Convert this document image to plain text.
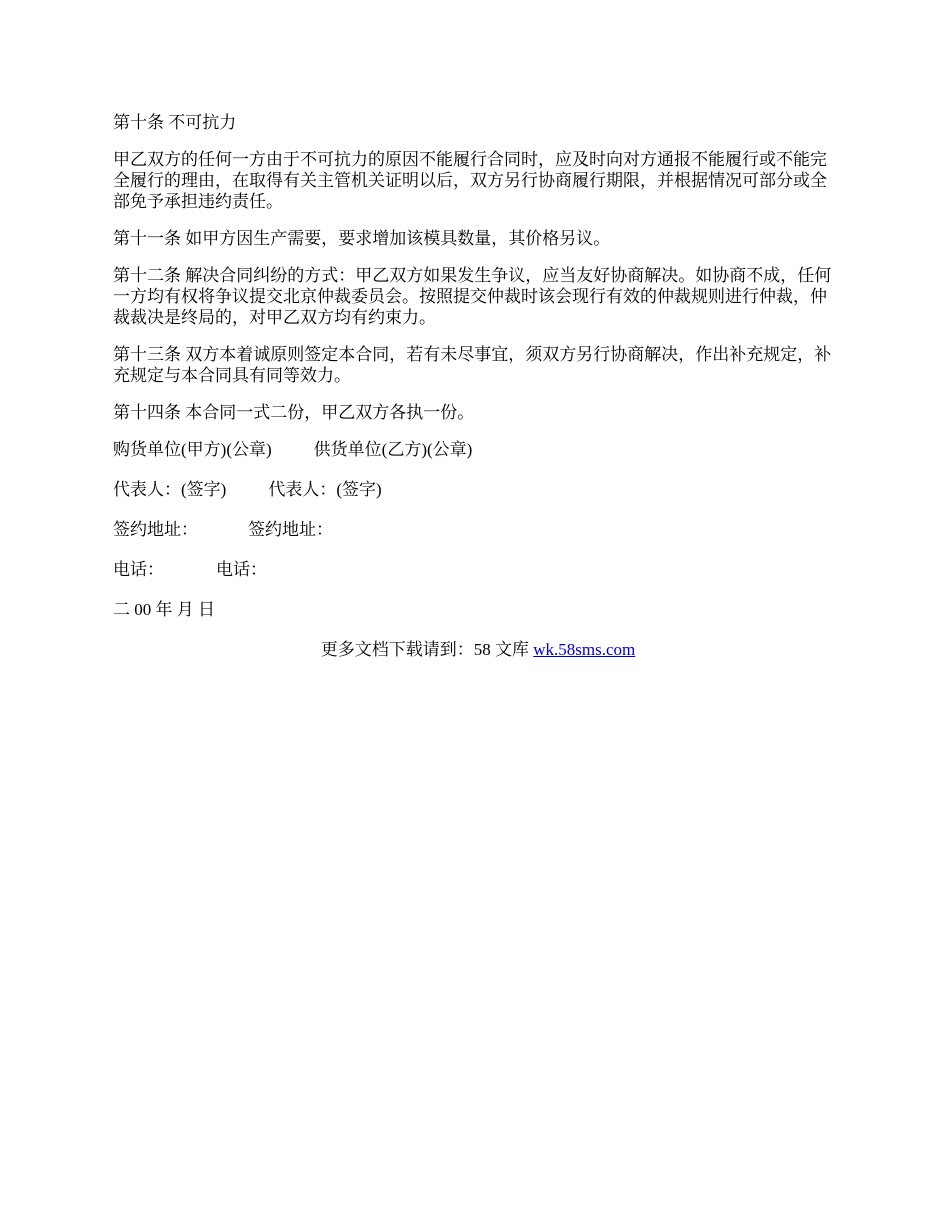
第十条 不可抗力

甲乙双方的任何一方由于不可抗力的原因不能履行合同时，应及时向对方通报不能履行或不能完全履行的理由，在取得有关主管机关证明以后，双方另行协商履行期限，并根据情况可部分或全部免予承担违约责任。

第十一条 如甲方因生产需要，要求增加该模具数量，其价格另议。

第十二条 解决合同纠纷的方式：甲乙双方如果发生争议，应当友好协商解决。如协商不成，任何一方均有权将争议提交北京仲裁委员会。按照提交仲裁时该会现行有效的仲裁规则进行仲裁，仲裁裁决是终局的，对甲乙双方均有约束力。

第十三条 双方本着诚原则签定本合同，若有未尽事宜，须双方另行协商解决，作出补充规定，补充规定与本合同具有同等效力。

第十四条 本合同一式二份，甲乙双方各执一份。

购货单位(甲方)(公章) 供货单位(乙方)(公章)
代表人：(签字) 代表人：(签字)
签约地址：	签约地址：
电话：	电话：
二 00 年 月 日
更多文档下载请到：58 文库 wk.58sms.com
